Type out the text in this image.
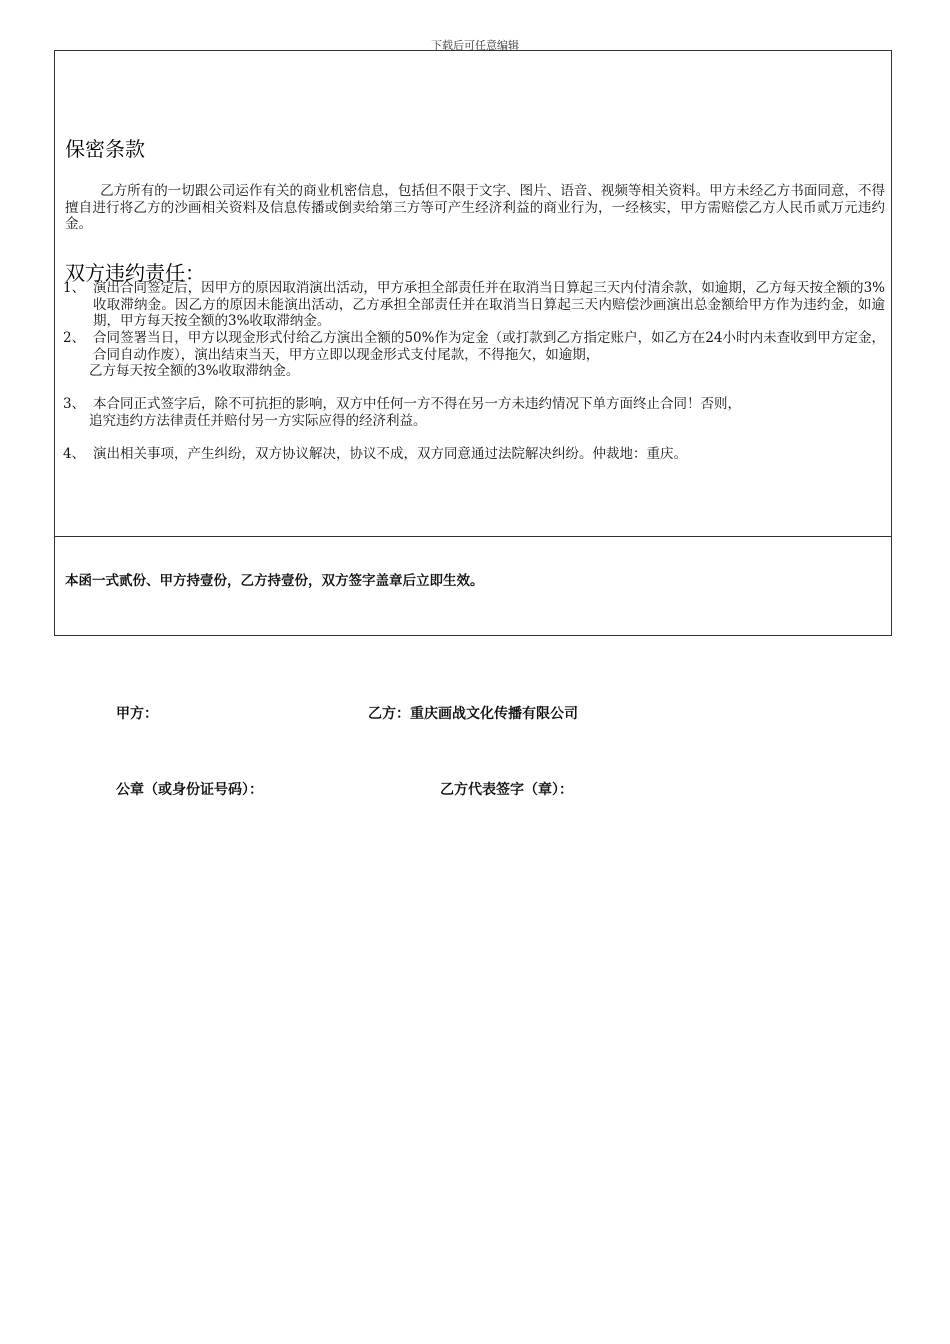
下载后可任意编辑
保密条款

乙方所有的一切跟公司运作有关的商业机密信息，包括但不限于文字、图片、语音、视频等相关资料。甲方未经乙方书面同意，不得擅自进行将乙方的沙画相关资料及信息传播或倒卖给第三方等可产生经济利益的商业行为，一经核实，甲方需赔偿乙方人民币贰万元违约金。

双方违约责任：
1、 演出合同签定后，因甲方的原因取消演出活动，甲方承担全部责任并在取消当日算起三天内付清余款，如逾期，乙方每天按全额的3%收取滞纳金。因乙方的原因未能演出活动，乙方承担全部责任并在取消当日算起三天内赔偿沙画演出总金额给甲方作为违约金，如逾期，甲方每天按全额的3%收取滞纳金。
2、 合同签署当日，甲方以现金形式付给乙方演出全额的50%作为定金（或打款到乙方指定账户，如乙方在24小时内未查收到甲方定金，合同自动作废），演出结束当天，甲方立即以现金形式支付尾款，不得拖欠，如逾期，
乙方每天按全额的3%收取滞纳金。
3、 本合同正式签字后，除不可抗拒的影响，双方中任何一方不得在另一方未违约情况下单方面终止合同！否则，
追究违约方法律责任并赔付另一方实际应得的经济利益。
4、 演出相关事项，产生纠纷，双方协议解决，协议不成，双方同意通过法院解决纠纷。仲裁地：重庆。
本函一式贰份、甲方持壹份，乙方持壹份，双方签字盖章后立即生效。
甲方：	乙方：重庆画战文化传播有限公司
公章（或身份证号码）：	乙方代表签字（章）：
